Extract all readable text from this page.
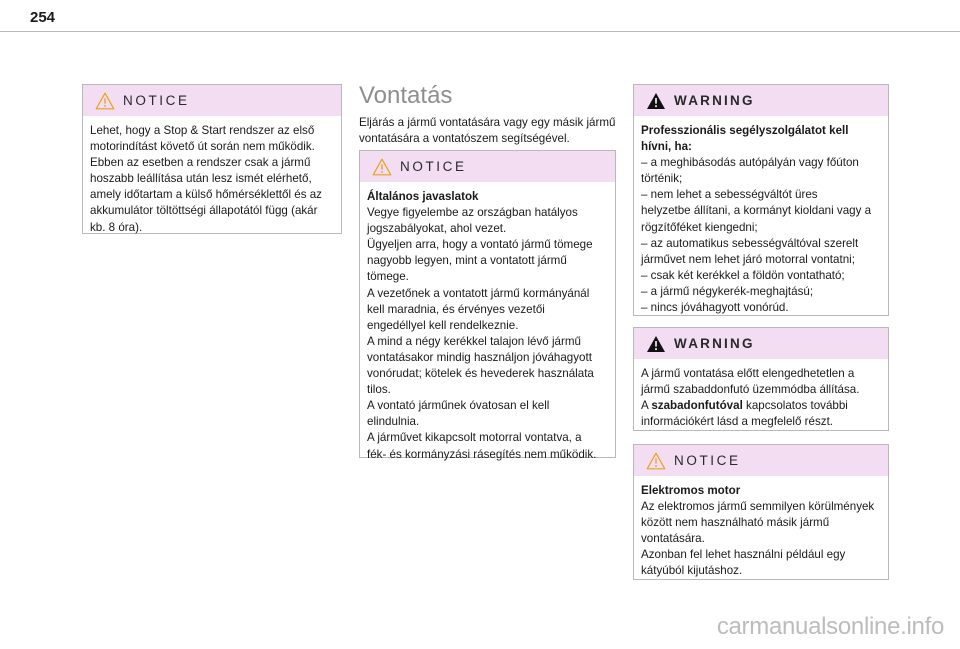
254
NOTICE

Lehet, hogy a Stop & Start rendszer az első

motorindítást követő út során nem működik.

Ebben az esetben a rendszer csak a jármű

hoszabb leállítása után lesz ismét elérhető,

amely időtartam a külső hőmérséklettől és az

akkumulátor töltöttségi állapotától függ (akár

kb. 8 óra).

Vontatás

Eljárás a jármű vontatására vagy egy másik jármű vontatására a vontatószem segítségével.

NOTICE

Általános javaslatok

Vegye figyelembe az országban hatályos

jogszabályokat, ahol vezet.

Ügyeljen arra, hogy a vontató jármű tömege

nagyobb legyen, mint a vontatott jármű

tömege.

A vezetőnek a vontatott jármű kormányánál

kell maradnia, és érvényes vezetői

engedéllyel kell rendelkeznie.

A mind a négy kerékkel talajon lévő jármű

vontatásakor mindig használjon jóváhagyott

vonórudat; kötelek és hevederek használata

tilos.

A vontató járműnek óvatosan el kell

elindulnia.

A járművet kikapcsolt motorral vontatva, a

fék- és kormányzási rásegítés nem működik.

WARNING

Professzionális segélyszolgálatot kell

hívni, ha:

– a meghibásodás autópályán vagy főúton

történik;

– nem lehet a sebességváltót üres

helyzetbe állítani, a kormányt kioldani vagy a

rögzítőféket kiengedni;

– az automatikus sebességváltóval szerelt

járművet nem lehet járó motorral vontatni;

– csak két kerékkel a földön vontatható;

– a jármű négykerék-meghajtású;

– nincs jóváhagyott vonórúd.

WARNING

A jármű vontatása előtt elengedhetetlen a

jármű szabaddonfutó üzemmódba állítása.

A szabadonfutóval kapcsolatos további

információkért lásd a megfelelő részt.

NOTICE

Elektromos motor

Az elektromos jármű semmilyen körülmények

között nem használható másik jármű

vontatására.

Azonban fel lehet használni például egy

kátyúból kijutáshoz.

carmanualsonline.info
